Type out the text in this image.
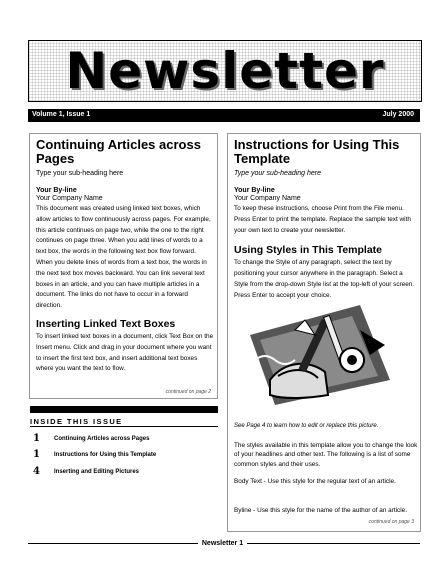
Newsletter
Volume 1, Issue 1	July 2000
Continuing Articles across Pages
Type your sub-heading here
Your By-line
Your Company Name
This document was created using linked text boxes, which allow articles to flow continuously across pages. For example, this article continues on page two, while the one to the right continues on page three. When you add lines of words to a text box, the words in the following text box flow forward. When you delete lines of words from a text box, the words in the next text box moves backward. You can link several text boxes in an article, and you can have multiple articles in a document. The links do not have to occur in a forward direction.
Inserting Linked Text Boxes
To insert linked text boxes in a document, click Text Box on the Insert menu. Click and drag in your document where you want to insert the first text box, and insert additional text boxes where you want the text to flow.
continued on page 2
Instructions for Using This Template
Type your sub-heading here
Your By-line
Your Company Name
To keep these instructions, choose Print from the File menu. Press Enter to print the template. Replace the sample text with your own text to create your newsletter.
Using Styles in This Template
To change the Style of any paragraph, select the text by positioning your cursor anywhere in the paragraph. Select a Style from the drop-down Style list at the top-left of your screen. Press Enter to accept your choice.
See Page 4 to learn how to edit or replace this picture.
The styles available in this template allow you to change the look of your headlines and other text. The following is a list of some common styles and their uses.
Body Text - Use this style for the regular text of an article.
Byline - Use this style for the name of the author of an article.
continued on page 3
INSIDE THIS ISSUE
1 Continuing Articles across Pages
1 Instructions for Using this Template
4 Inserting and Editing Pictures
Newsletter 1
